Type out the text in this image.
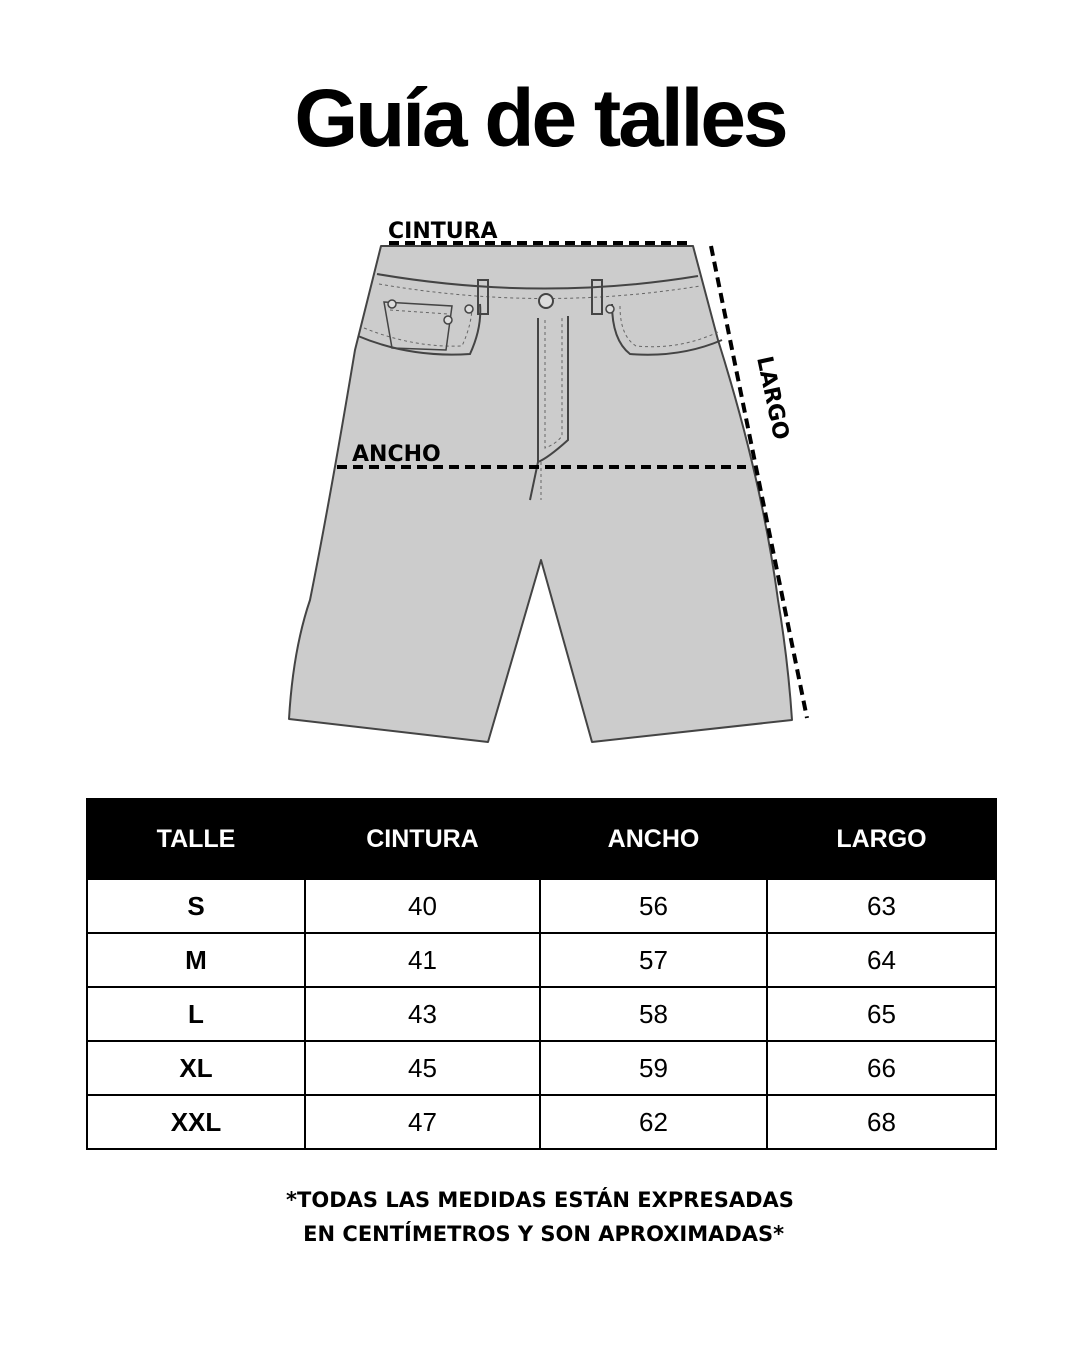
Guía de talles
CINTURA
ANCHO
LARGO
TALLE	CINTURA	ANCHO	LARGO
S	40	56	63
M	41	57	64
L	43	58	65
XL	45	59	66
XXL	47	62	68
*TODAS LAS MEDIDAS ESTÁN EXPRESADAS
EN CENTÍMETROS Y SON APROXIMADAS*
